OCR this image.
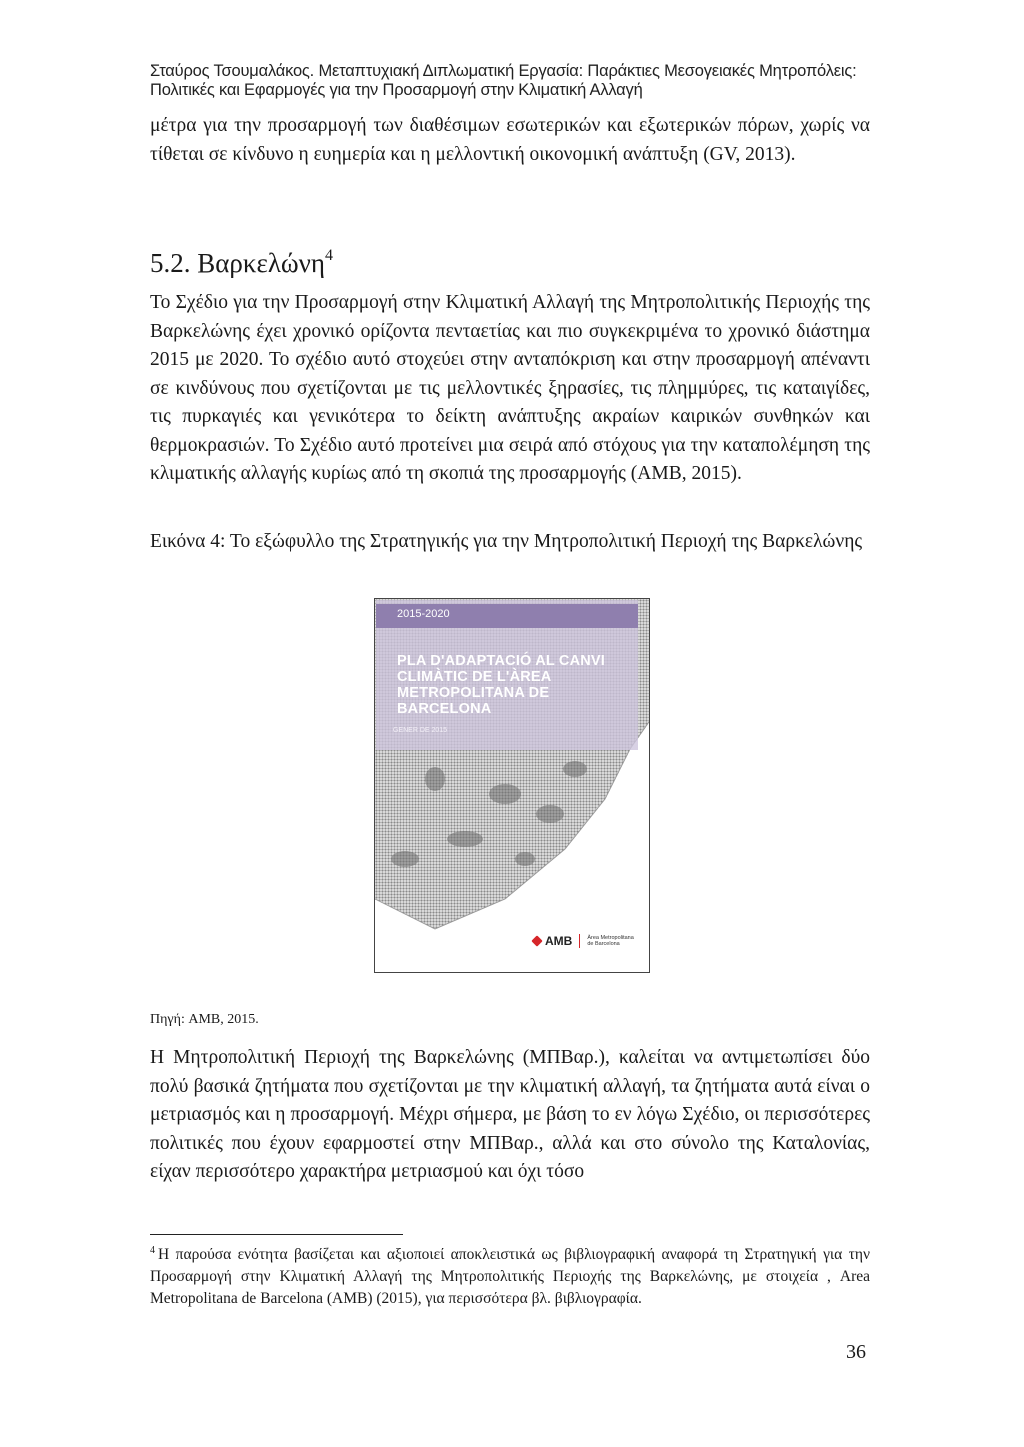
Σταύρος Τσουμαλάκος. Μεταπτυχιακή Διπλωματική Εργασία: Παράκτιες Μεσογειακές Μητροπόλεις:
Πολιτικές και Εφαρμογές για την Προσαρμογή στην Κλιματική Αλλαγή

μέτρα για την προσαρμογή των διαθέσιμων εσωτερικών και εξωτερικών πόρων, χωρίς να τίθεται σε κίνδυνο η ευημερία και η μελλοντική οικονομική ανάπτυξη (GV, 2013).

5.2. Βαρκελώνη$^4$

Το Σχέδιο για την Προσαρμογή στην Κλιματική Αλλαγή της Μητροπολιτικής Περιοχής της Βαρκελώνης έχει χρονικό ορίζοντα πενταετίας και πιο συγκεκριμένα το χρονικό διάστημα 2015 με 2020. Το σχέδιο αυτό στοχεύει στην ανταπόκριση και στην προσαρμογή απέναντι σε κινδύνους που σχετίζονται με τις μελλοντικές ξηρασίες, τις πλημμύρες, τις καταιγίδες, τις πυρκαγιές και γενικότερα το δείκτη ανάπτυξης ακραίων καιρικών συνθηκών και θερμοκρασιών. Το Σχέδιο αυτό προτείνει μια σειρά από στόχους για την καταπολέμηση της κλιματικής αλλαγής κυρίως από τη σκοπιά της προσαρμογής (AMB, 2015).

Εικόνα 4: Το εξώφυλλο της Στρατηγικής για την Μητροπολιτική Περιοχή της Βαρκελώνης
2015-2020
PLA D'ADAPTACIÓ AL CANVI CLIMÀTIC DE L'ÀREA METROPOLITANA DE BARCELONA
GENER DE 2015
AMB	Àrea Metropolitana de Barcelona
Πηγή: AMB, 2015.

Η Μητροπολιτική Περιοχή της Βαρκελώνης (ΜΠΒαρ.), καλείται να αντιμετωπίσει δύο πολύ βασικά ζητήματα που σχετίζονται με την κλιματική αλλαγή, τα ζητήματα αυτά είναι ο μετριασμός και η προσαρμογή. Μέχρι σήμερα, με βάση το εν λόγω Σχέδιο, οι περισσότερες πολιτικές που έχουν εφαρμοστεί στην ΜΠΒαρ., αλλά και στο σύνολο της Καταλονίας, είχαν περισσότερο χαρακτήρα μετριασμού και όχι τόσο

$^4$ Η παρούσα ενότητα βασίζεται και αξιοποιεί αποκλειστικά ως βιβλιογραφική αναφορά τη Στρατηγική για την Προσαρμογή στην Κλιματική Αλλαγή της Μητροπολιτικής Περιοχής της Βαρκελώνης, με στοιχεία , Area Metropolitana de Barcelona (AMB) (2015), για περισσότερα βλ. βιβλιογραφία.
36
